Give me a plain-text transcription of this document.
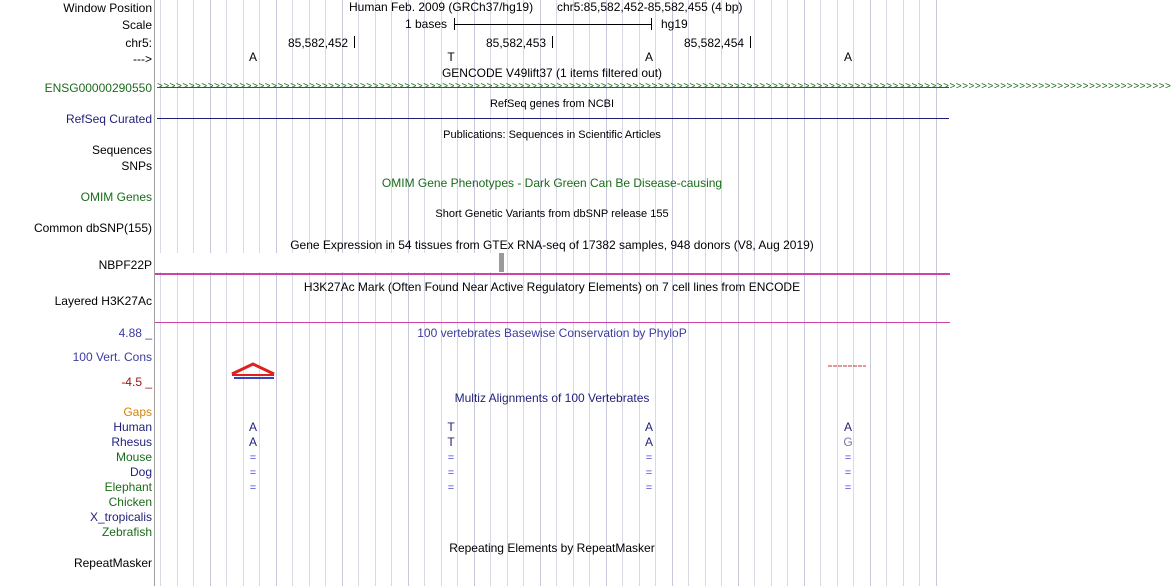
Window Position	Human Feb. 2009 (GRCh37/hg19) chr5:85,582,452-85,582,455 (4 bp)
Scale	1 bases	hg19
chr5:	85,582,452	85,582,453	85,582,454
--->	A	T	A	A
GENCODE V49lift37 (1 items filtered out)
ENSG00000290550 >>>>>>>>>>>>>>>>>>>>>>>>>>>>>>>>>>>>>>>>>>>>>>>>>>>>>>>>>>>>>>>>>>>>>>>>>>>>>>>>>>>>>>>>>>>>>>>>>>>>>>>>>>>>>>>>>>>>>>>>>>>>>>>>>>>>>>>>>>>>>>>>>>>>>>>>>>>>>>>>
RefSeq genes from NCBI
RefSeq Curated
Publications: Sequences in Scientific Articles
Sequences
SNPs
OMIM Gene Phenotypes - Dark Green Can Be Disease-causing
OMIM Genes
Short Genetic Variants from dbSNP release 155
Common dbSNP(155)
Gene Expression in 54 tissues from GTEx RNA-seq of 17382 samples, 948 donors (V8, Aug 2019)
NBPF22P
H3K27Ac Mark (Often Found Near Active Regulatory Elements) on 7 cell lines from ENCODE
Layered H3K27Ac
100 vertebrates Basewise Conservation by PhyloP
4.88 _
100 Vert. Cons
-4.5 _
Multiz Alignments of 100 Vertebrates
Gaps
Human	A	T	A	A
Rhesus	A	T	A	G
Mouse	=	=	=	=
Dog	=	=	=	=
Elephant	=	=	=	=
Chicken
X_tropicalis
Zebrafish
Repeating Elements by RepeatMasker
RepeatMasker
